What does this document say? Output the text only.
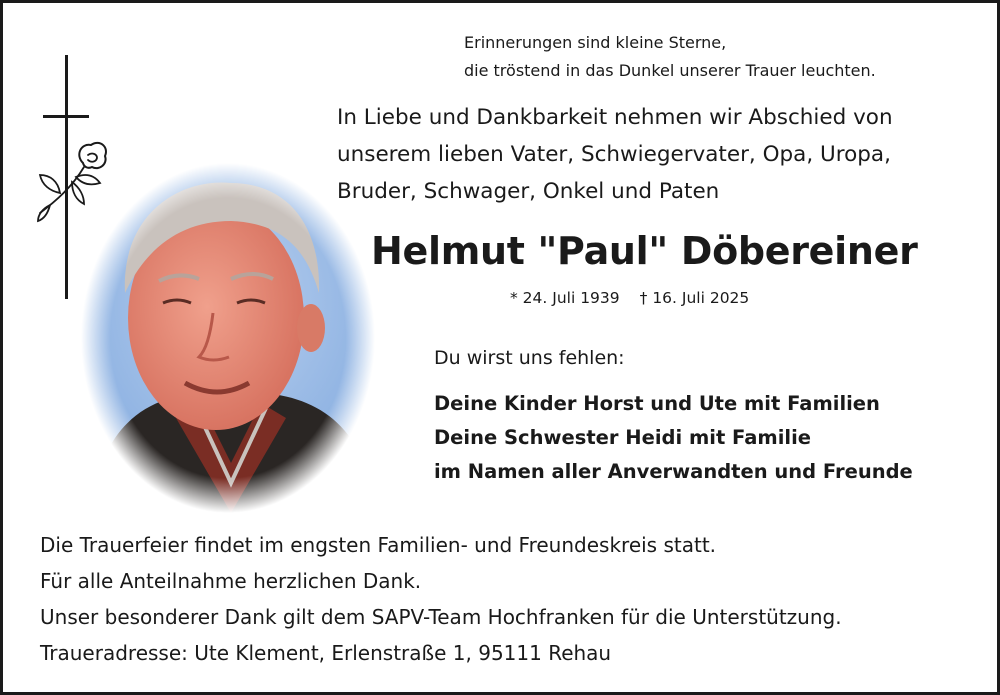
Erinnerungen sind kleine Sterne,
die tröstend in das Dunkel unserer Trauer leuchten.
In Liebe und Dankbarkeit nehmen wir Abschied von
unserem lieben Vater, Schwiegervater, Opa, Uropa,
Bruder, Schwager, Onkel und Paten
Helmut "Paul" Döbereiner
* 24. Juli 1939 † 16. Juli 2025
Du wirst uns fehlen:
Deine Kinder Horst und Ute mit Familien
Deine Schwester Heidi mit Familie
im Namen aller Anverwandten und Freunde
Die Trauerfeier findet im engsten Familien- und Freundeskreis statt.
Für alle Anteilnahme herzlichen Dank.
Unser besonderer Dank gilt dem SAPV-Team Hochfranken für die Unterstützung.
Traueradresse: Ute Klement, Erlenstraße 1, 95111 Rehau
